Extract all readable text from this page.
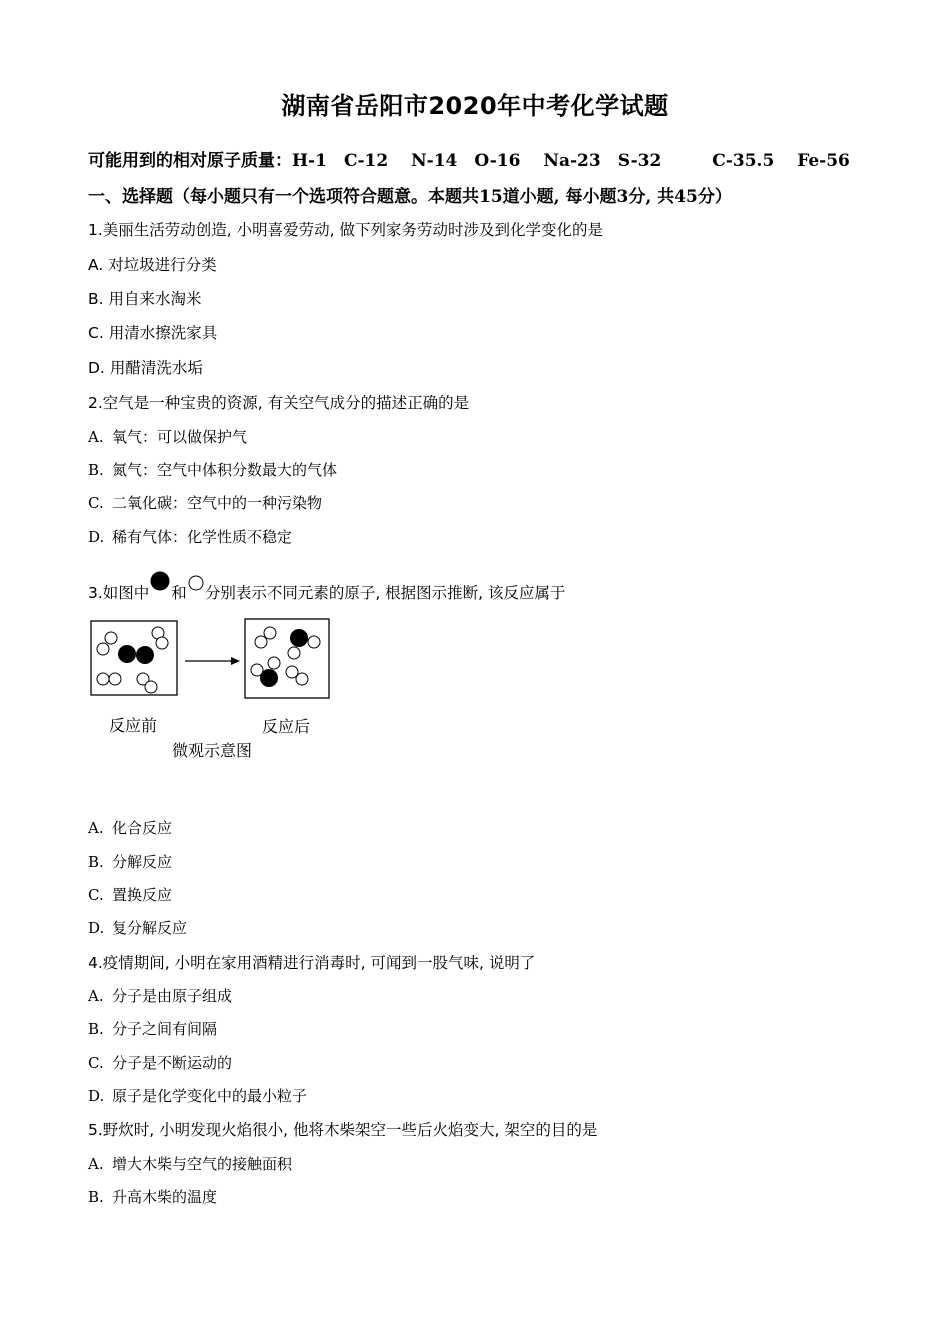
湖南省岳阳市2020年中考化学试题
可能用到的相对原子质量：H-1　C-12　 N-14　O-16　 Na-23　S-32　　　C-35.5　 Fe-56
一、选择题（每小题只有一个选项符合题意。本题共15道小题, 每小题3分, 共45分）
1.美丽生活劳动创造, 小明喜爱劳动, 做下列家务劳动时涉及到化学变化的是
A. 对垃圾进行分类
B. 用自来水淘米
C. 用清水擦洗家具
D. 用醋清洗水垢
2.空气是一种宝贵的资源, 有关空气成分的描述正确的是
A. 氧气：可以做保护气
B. 氮气：空气中体积分数最大的气体
C. 二氧化碳：空气中的一种污染物
D. 稀有气体：化学性质不稳定
3.如图中 和 分别表示不同元素的原子, 根据图示推断, 该反应属于
反应前	反应后
微观示意图
A. 化合反应
B. 分解反应
C. 置换反应
D. 复分解反应
4.疫情期间, 小明在家用酒精进行消毒时, 可闻到一股气味, 说明了
A. 分子是由原子组成
B. 分子之间有间隔
C. 分子是不断运动的
D. 原子是化学变化中的最小粒子
5.野炊时, 小明发现火焰很小, 他将木柴架空一些后火焰变大, 架空的目的是
A. 增大木柴与空气的接触面积
B. 升高木柴的温度
